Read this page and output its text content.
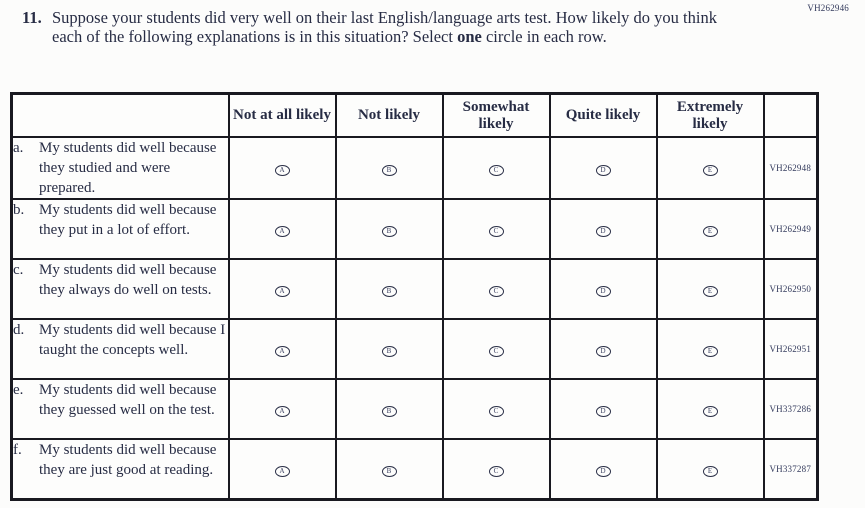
VH262946
11. Suppose your students did very well on their last English/language arts test. How likely do you think each of the following explanations is in this situation? Select one circle in each row.
	Not at all likely	Not likely	Somewhat likely	Quite likely	Extremely likely	

a. My students did well because they studied and were prepared.	A	B	C	D	E	VH262948

b. My students did well because they put in a lot of effort.	A	B	C	D	E	VH262949

c. My students did well because they always do well on tests.	A	B	C	D	E	VH262950

d. My students did well because I taught the concepts well.	A	B	C	D	E	VH262951

e. My students did well because they guessed well on the test.	A	B	C	D	E	VH337286

f. My students did well because they are just good at reading.	A	B	C	D	E	VH337287
